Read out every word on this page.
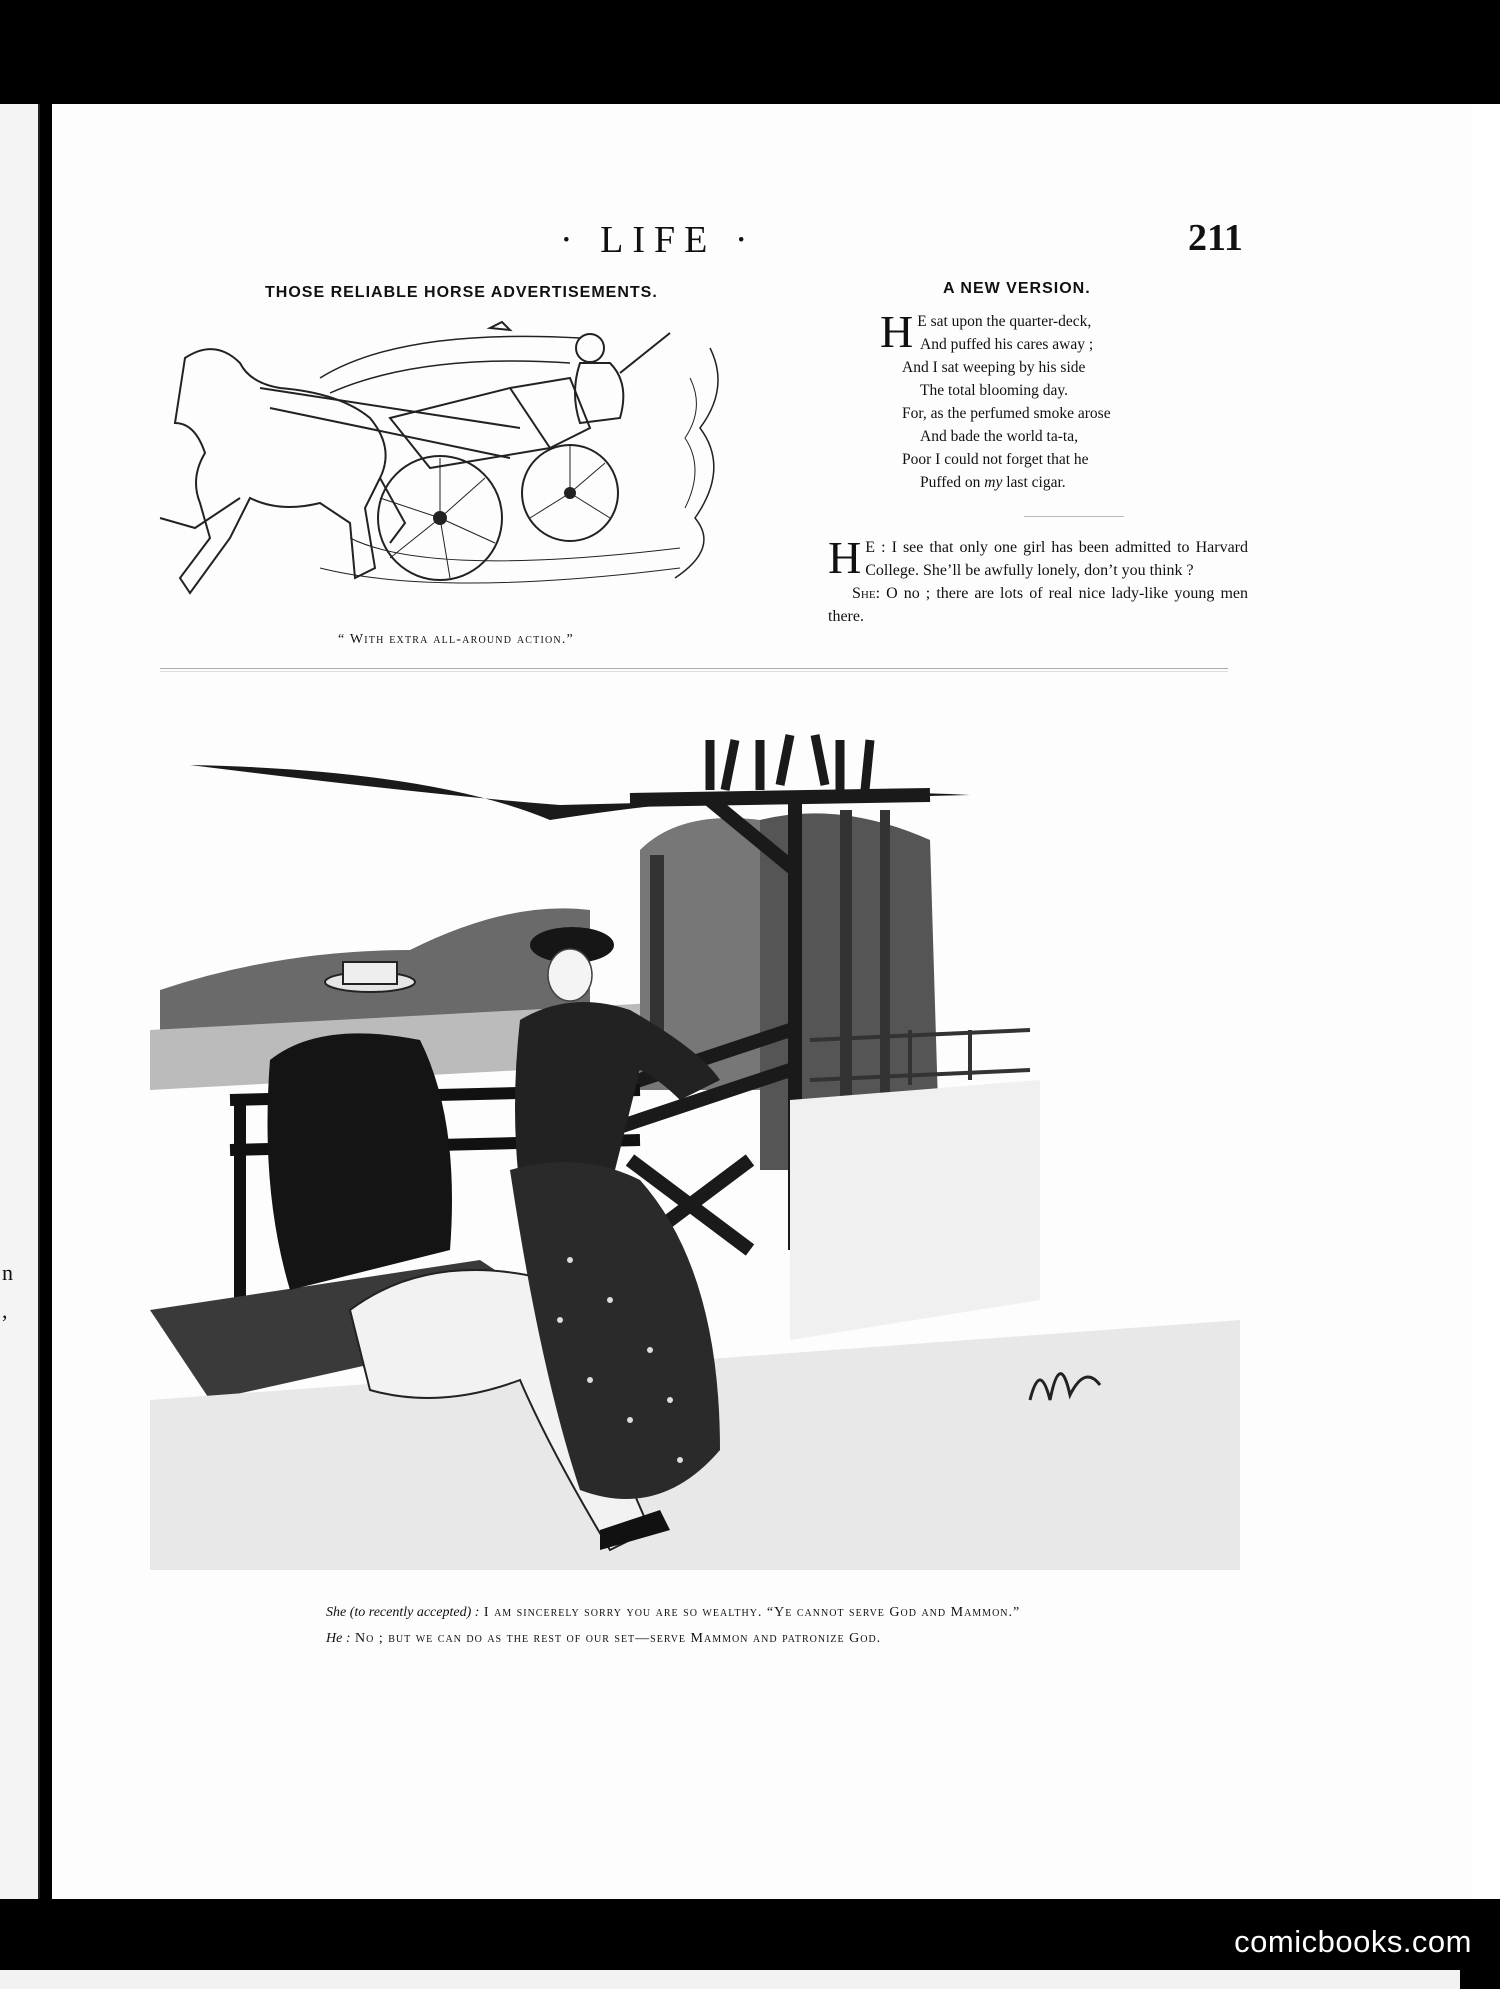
n
,
· LIFE ·	211
THOSE RELIABLE HORSE ADVERTISEMENTS.
“ With extra all-around action.”
A NEW VERSION.
H E sat upon the quarter-deck,
And puffed his cares away ;
And I sat weeping by his side
The total blooming day.
For, as the perfumed smoke arose
And bade the world ta-ta,
Poor I could not forget that he
Puffed on my last cigar.
H E : I see that only one girl has been admitted to Harvard College. She’ll be awfully lonely, don’t you think ?
She: O no ; there are lots of real nice lady-like young men there.
She (to recently accepted) : I am sincerely sorry you are so wealthy. “Ye cannot serve God and Mammon.”
He : No ; but we can do as the rest of our set—serve Mammon and patronize God.
comicbooks.com
